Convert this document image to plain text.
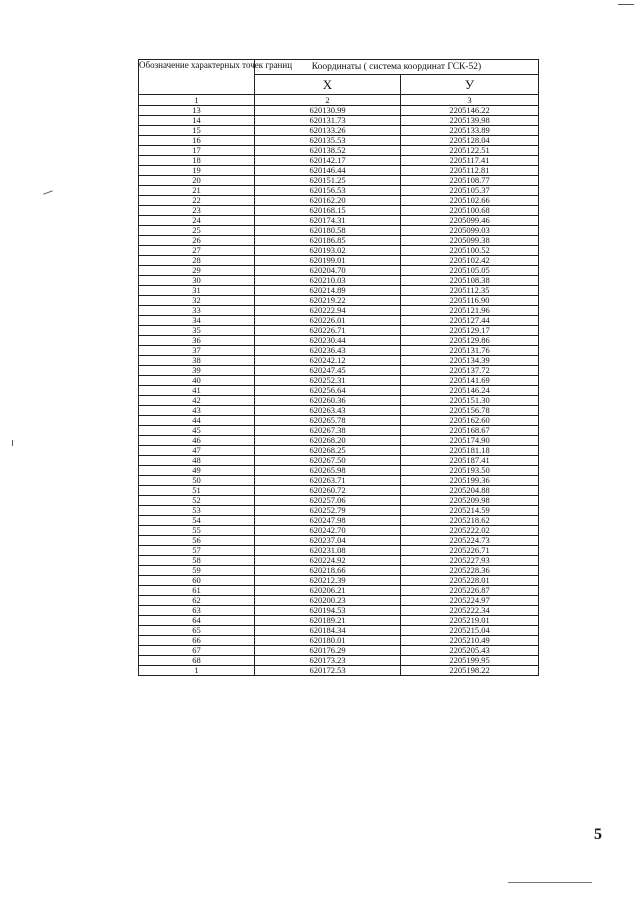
Обозначение характерных точек границ	Координаты ( система координат ГСК-52)	
	X	У
1	2	3
13	620130.99	2205146.22
14	620131.73	2205139.98
15	620133.26	2205133.89
16	620135.53	2205128.04
17	620138.52	2205122.51
18	620142.17	2205117.41
19	620146.44	2205112.81
20	620151.25	2205108.77
21	620156.53	2205105.37
22	620162.20	2205102.66
23	620168.15	2205100.68
24	620174.31	2205099.46
25	620180.58	2205099.03
26	620186.85	2205099.38
27	620193.02	2205100.52
28	620199.01	2205102.42
29	620204.70	2205105.05
30	620210.03	2205108.38
31	620214.89	2205112.35
32	620219.22	2205116.90
33	620222.94	2205121.96
34	620226.01	2205127.44
35	620226.71	2205129.17
36	620230.44	2205129.86
37	620236.43	2205131.76
38	620242.12	2205134.39
39	620247.45	2205137.72
40	620252.31	2205141.69
41	620256.64	2205146.24
42	620260.36	2205151.30
43	620263.43	2205156.78
44	620265.78	2205162.60
45	620267.38	2205168.67
46	620268.20	2205174.90
47	620268.25	2205181.18
48	620267.50	2205187.41
49	620265.98	2205193.50
50	620263.71	2205199.36
51	620260.72	2205204.88
52	620257.06	2205209.98
53	620252.79	2205214.59
54	620247.98	2205218.62
55	620242.70	2205222.02
56	620237.04	2205224.73
57	620231.08	2205226.71
58	620224.92	2205227.93
59	620218.66	2205228.36
60	620212.39	2205228.01
61	620206.21	2205226.87
62	620200.23	2205224.97
63	620194.53	2205222.34
64	620189.21	2205219.01
65	620184.34	2205215.04
66	620180.01	2205210.49
67	620176.29	2205205.43
68	620173.23	2205199.95
1	620172.53	2205198.22
5
